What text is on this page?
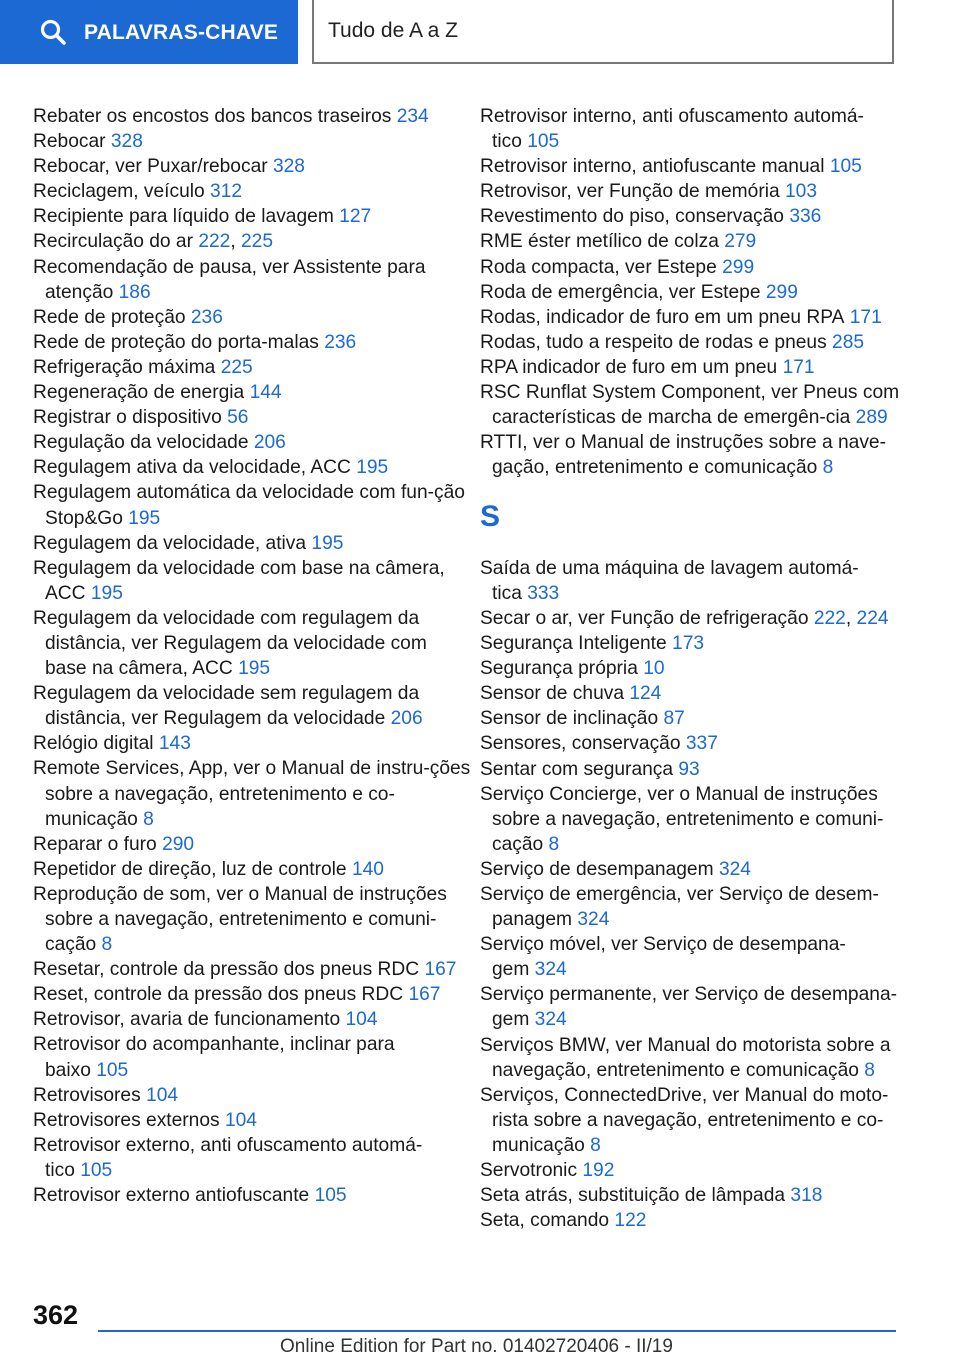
PALAVRAS-CHAVE Tudo de A a Z
Rebater os encostos dos bancos traseiros 234
Rebocar 328
Rebocar, ver Puxar/rebocar 328
Reciclagem, veículo 312
Recipiente para líquido de lavagem 127
Recirculação do ar 222, 225
Recomendação de pausa, ver Assistente para atenção 186
Rede de proteção 236
Rede de proteção do porta-malas 236
Refrigeração máxima 225
Regeneração de energia 144
Registrar o dispositivo 56
Regulação da velocidade 206
Regulagem ativa da velocidade, ACC 195
Regulagem automática da velocidade com fun‐ção Stop&Go 195
Regulagem da velocidade, ativa 195
Regulagem da velocidade com base na câmera, ACC 195
Regulagem da velocidade com regulagem da distância, ver Regulagem da velocidade com base na câmera, ACC 195
Regulagem da velocidade sem regulagem da distância, ver Regulagem da velocidade 206
Relógio digital 143
Remote Services, App, ver o Manual de instru‐ções sobre a navegação, entretenimento e co‐municação 8
Reparar o furo 290
Repetidor de direção, luz de controle 140
Reprodução de som, ver o Manual de instruções sobre a navegação, entretenimento e comuni‐cação 8
Resetar, controle da pressão dos pneus RDC 167
Reset, controle da pressão dos pneus RDC 167
Retrovisor, avaria de funcionamento 104
Retrovisor do acompanhante, inclinar para baixo 105
Retrovisores 104
Retrovisores externos 104
Retrovisor externo, anti ofuscamento automá‐tico 105
Retrovisor externo antiofuscante 105
Retrovisor interno, anti ofuscamento automá‐tico 105
Retrovisor interno, antiofuscante manual 105
Retrovisor, ver Função de memória 103
Revestimento do piso, conservação 336
RME éster metílico de colza 279
Roda compacta, ver Estepe 299
Roda de emergência, ver Estepe 299
Rodas, indicador de furo em um pneu RPA 171
Rodas, tudo a respeito de rodas e pneus 285
RPA indicador de furo em um pneu 171
RSC Runflat System Component, ver Pneus com características de marcha de emergên‐cia 289
RTTI, ver o Manual de instruções sobre a nave‐gação, entretenimento e comunicação 8
S
Saída de uma máquina de lavagem automá‐tica 333
Secar o ar, ver Função de refrigeração 222, 224
Segurança Inteligente 173
Segurança própria 10
Sensor de chuva 124
Sensor de inclinação 87
Sensores, conservação 337
Sentar com segurança 93
Serviço Concierge, ver o Manual de instruções sobre a navegação, entretenimento e comuni‐cação 8
Serviço de desempanagem 324
Serviço de emergência, ver Serviço de desem‐panagem 324
Serviço móvel, ver Serviço de desempana‐gem 324
Serviço permanente, ver Serviço de desempana‐gem 324
Serviços BMW, ver Manual do motorista sobre a navegação, entretenimento e comunicação 8
Serviços, ConnectedDrive, ver Manual do moto‐rista sobre a navegação, entretenimento e co‐municação 8
Servotronic 192
Seta atrás, substituição de lâmpada 318
Seta, comando 122
362
Online Edition for Part no. 01402720406 - II/19
